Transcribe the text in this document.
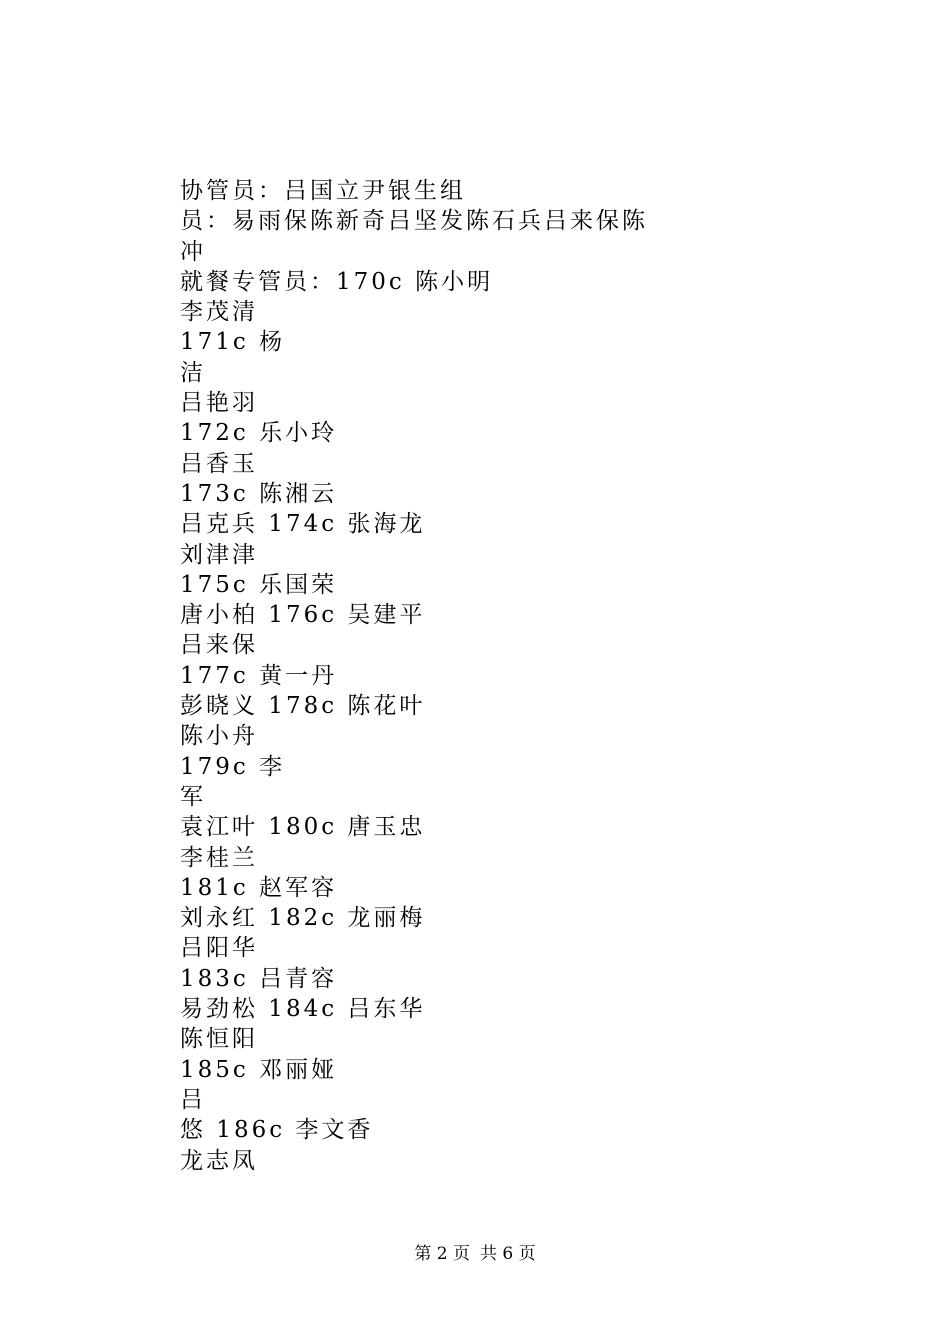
协管员：吕国立尹银生组
员：易雨保陈新奇吕坚发陈石兵吕来保陈
冲
就餐专管员：170c 陈小明
李茂清
171c 杨
洁
吕艳羽
172c 乐小玲
吕香玉
173c 陈湘云
吕克兵 174c 张海龙
刘津津
175c 乐国荣
唐小柏 176c 吴建平
吕来保
177c 黄一丹
彭晓义 178c 陈花叶
陈小舟
179c 李
军
袁江叶 180c 唐玉忠
李桂兰
181c 赵军容
刘永红 182c 龙丽梅
吕阳华
183c 吕青容
易劲松 184c 吕东华
陈恒阳
185c 邓丽娅
吕
悠 186c 李文香
龙志凤
第 2 页 共 6 页
